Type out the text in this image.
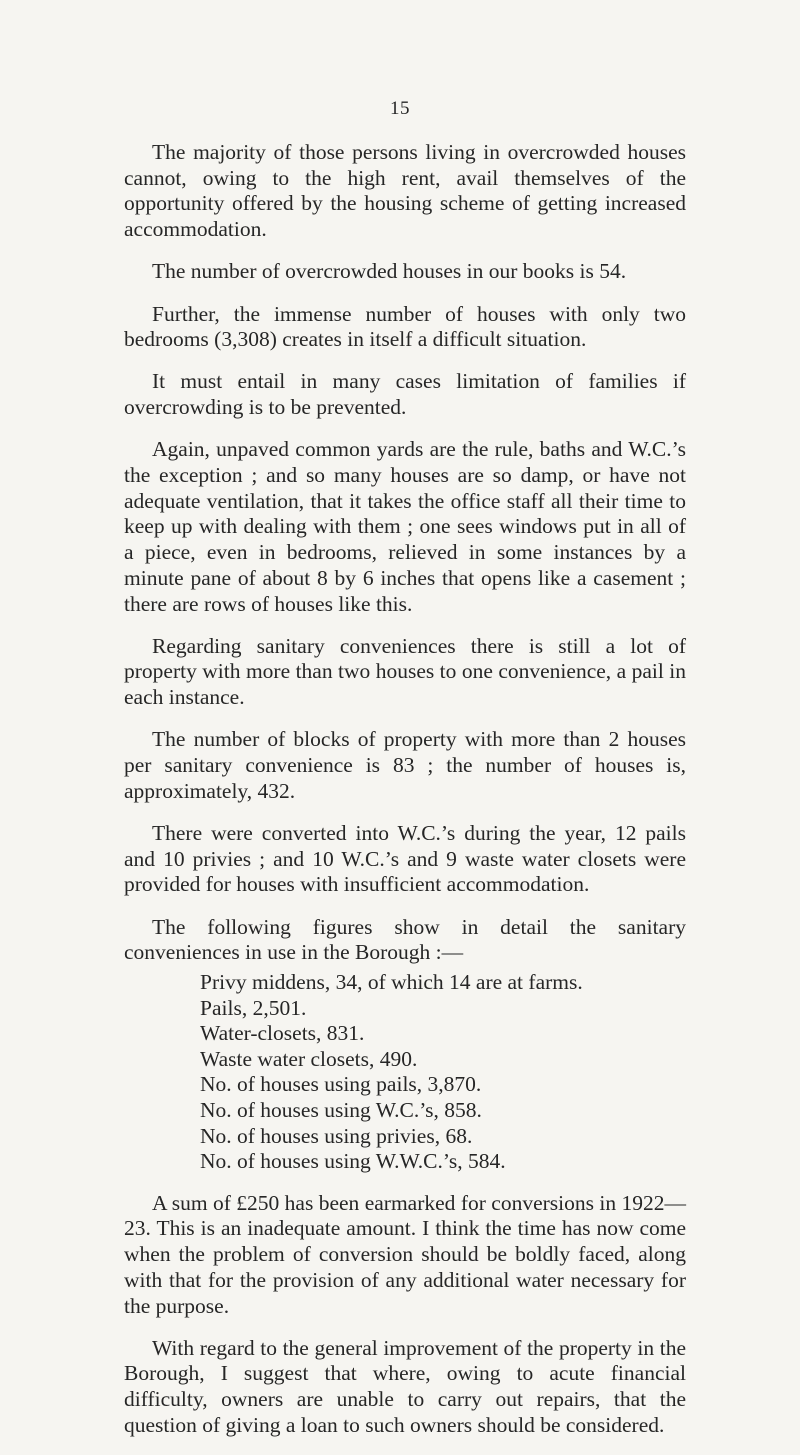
15

The majority of those persons living in overcrowded houses cannot, owing to the high rent, avail themselves of the opportunity offered by the housing scheme of getting increased accommodation.

The number of overcrowded houses in our books is 54.

Further, the immense number of houses with only two bedrooms (3,308) creates in itself a difficult situation.

It must entail in many cases limitation of families if overcrowding is to be prevented.

Again, unpaved common yards are the rule, baths and W.C.’s the exception ; and so many houses are so damp, or have not adequate ventilation, that it takes the office staff all their time to keep up with dealing with them ; one sees windows put in all of a piece, even in bedrooms, relieved in some instances by a minute pane of about 8 by 6 inches that opens like a casement ; there are rows of houses like this.

Regarding sanitary conveniences there is still a lot of property with more than two houses to one convenience, a pail in each instance.

The number of blocks of property with more than 2 houses per sanitary convenience is 83 ; the number of houses is, approximately, 432.

There were converted into W.C.’s during the year, 12 pails and 10 privies ; and 10 W.C.’s and 9 waste water closets were provided for houses with insufficient accommodation.

The following figures show in detail the sanitary conveniences in use in the Borough :—

Privy middens, 34, of which 14 are at farms.
Pails, 2,501.
Water-closets, 831.
Waste water closets, 490.
No. of houses using pails, 3,870.
No. of houses using W.C.’s, 858.
No. of houses using privies, 68.
No. of houses using W.W.C.’s, 584.

A sum of £250 has been earmarked for conversions in 1922—23. This is an inadequate amount. I think the time has now come when the problem of conversion should be boldly faced, along with that for the provision of any additional water necessary for the purpose.

With regard to the general improvement of the property in the Borough, I suggest that where, owing to acute financial difficulty, owners are unable to carry out repairs, that the question of giving a loan to such owners should be considered.
